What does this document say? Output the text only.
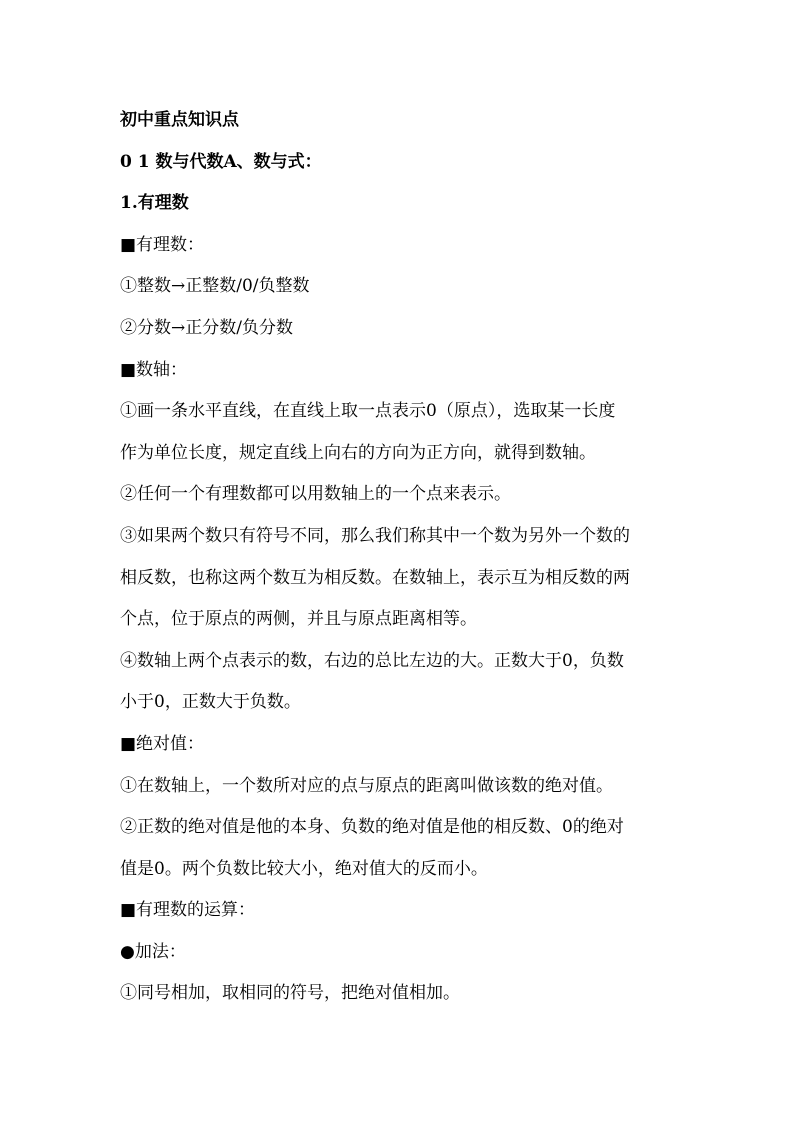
初中重点知识点

0 1 数与代数A、数与式：

1.有理数

■有理数：

①整数→正整数/0/负整数

②分数→正分数/负分数

■数轴：

①画一条水平直线，在直线上取一点表示0（原点），选取某一长度

作为单位长度，规定直线上向右的方向为正方向，就得到数轴。

②任何一个有理数都可以用数轴上的一个点来表示。

③如果两个数只有符号不同，那么我们称其中一个数为另外一个数的

相反数，也称这两个数互为相反数。在数轴上，表示互为相反数的两

个点，位于原点的两侧，并且与原点距离相等。

④数轴上两个点表示的数，右边的总比左边的大。正数大于0，负数

小于0，正数大于负数。

■绝对值：

①在数轴上，一个数所对应的点与原点的距离叫做该数的绝对值。

②正数的绝对值是他的本身、负数的绝对值是他的相反数、0的绝对

值是0。两个负数比较大小，绝对值大的反而小。

■有理数的运算：

●加法：

①同号相加，取相同的符号，把绝对值相加。
